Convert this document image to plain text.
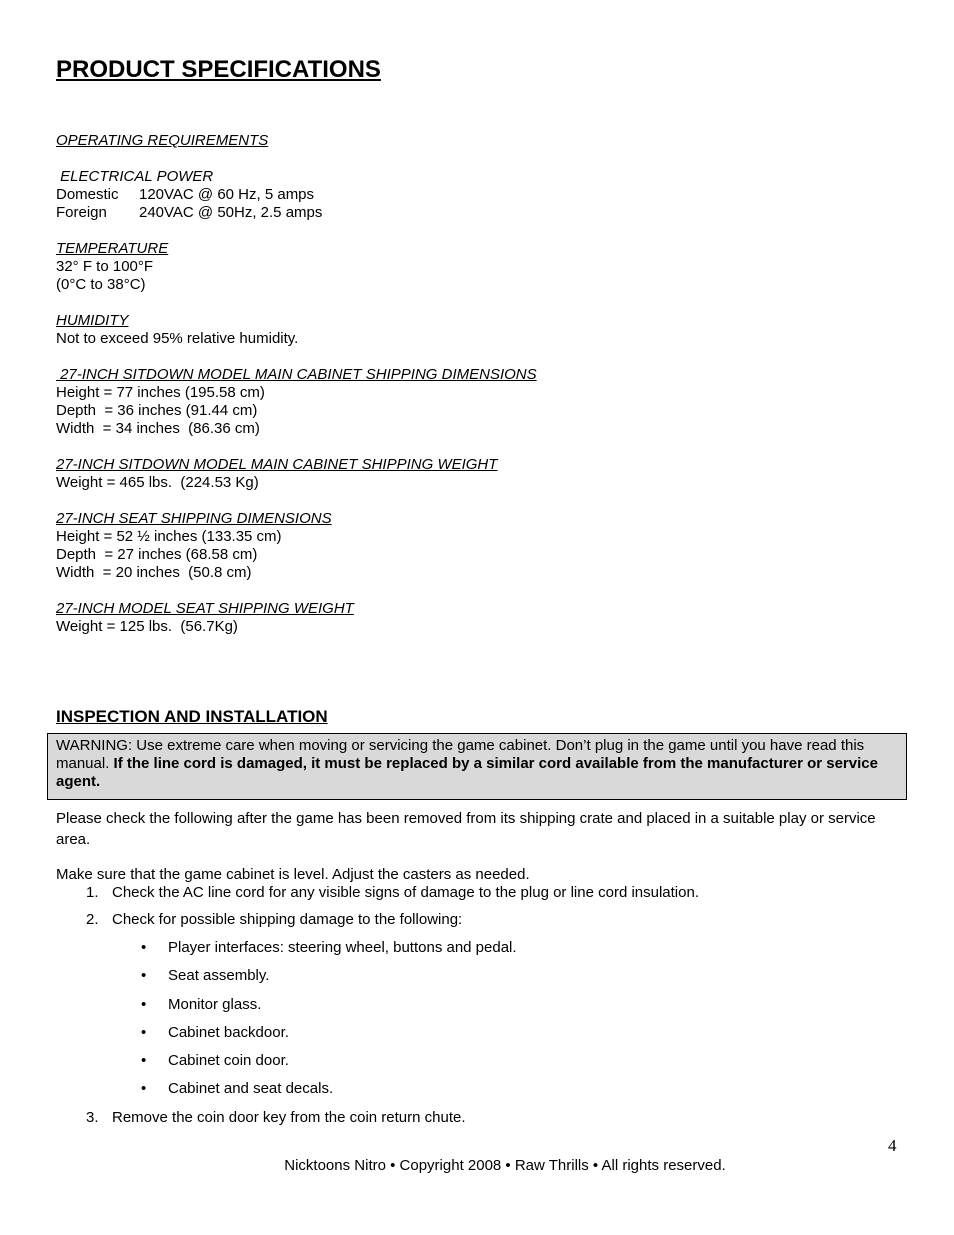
PRODUCT SPECIFICATIONS
OPERATING REQUIREMENTS
ELECTRICAL POWER
Domestic	120VAC @ 60 Hz, 5 amps
Foreign	240VAC @ 50Hz, 2.5 amps
TEMPERATURE
32° F to 100°F
(0°C to 38°C)
HUMIDITY
Not to exceed 95% relative humidity.
27-INCH SITDOWN MODEL MAIN CABINET SHIPPING DIMENSIONS
Height = 77 inches (195.58 cm)
Depth  = 36 inches (91.44 cm)
Width  = 34 inches  (86.36 cm)
27-INCH SITDOWN MODEL MAIN CABINET SHIPPING WEIGHT
Weight = 465 lbs.  (224.53 Kg)
27-INCH SEAT SHIPPING DIMENSIONS
Height = 52 ½ inches (133.35 cm)
Depth  = 27 inches (68.58 cm)
Width  = 20 inches  (50.8 cm)
27-INCH MODEL SEAT SHIPPING WEIGHT
Weight = 125 lbs.  (56.7Kg)
INSPECTION AND INSTALLATION
WARNING: Use extreme care when moving or servicing the game cabinet. Don’t plug in the game until you have read this manual. If the line cord is damaged, it must be replaced by a similar cord available from the manufacturer or service agent.
Please check the following after the game has been removed from its shipping crate and placed in a suitable play or service area.
Make sure that the game cabinet is level. Adjust the casters as needed.
1. Check the AC line cord for any visible signs of damage to the plug or line cord insulation.
2. Check for possible shipping damage to the following:
•	Player interfaces: steering wheel, buttons and pedal.
•	Seat assembly.
•	Monitor glass.
•	Cabinet backdoor.
•	Cabinet coin door.
•	Cabinet and seat decals.
3. Remove the coin door key from the coin return chute.
4
Nicktoons Nitro • Copyright 2008 • Raw Thrills • All rights reserved.
